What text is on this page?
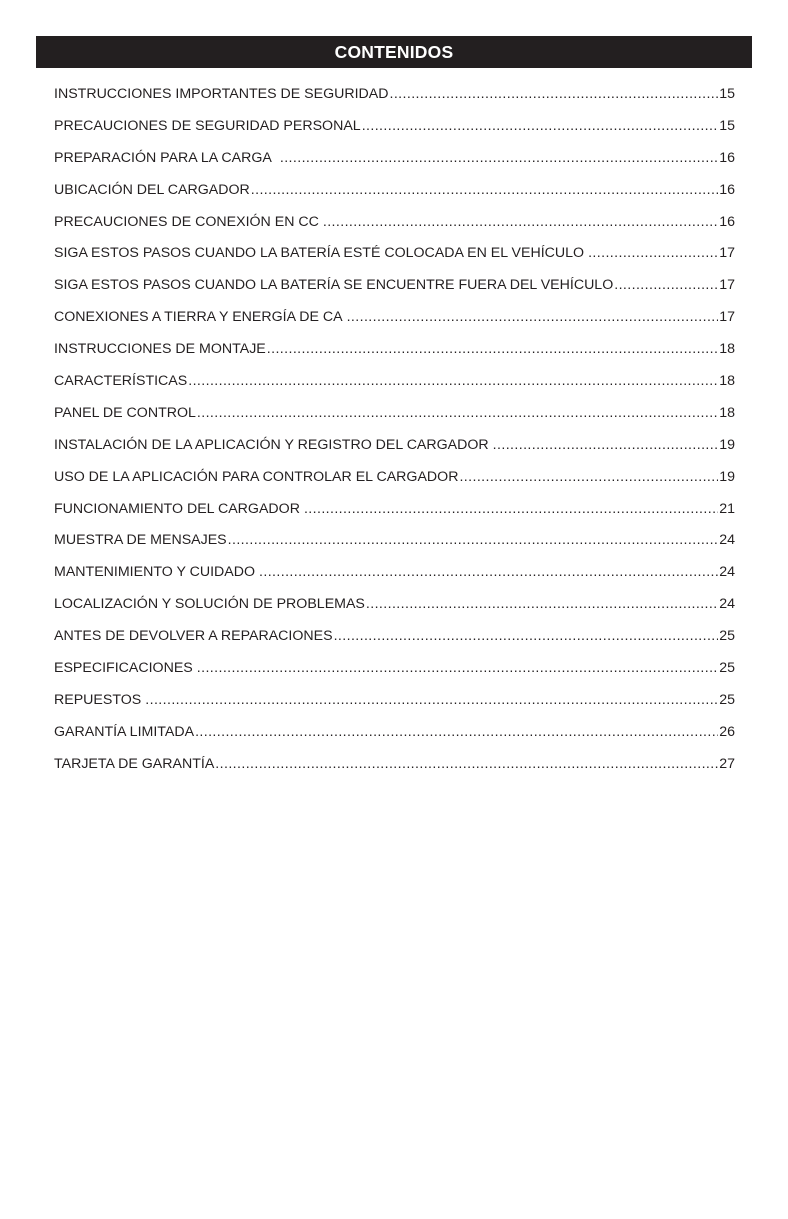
CONTENIDOS
INSTRUCCIONES IMPORTANTES DE SEGURIDAD .....	15
PRECAUCIONES DE SEGURIDAD PERSONAL .....	15
PREPARACIÓN PARA LA CARGA .....	16
UBICACIÓN DEL CARGADOR .....	16
PRECAUCIONES DE CONEXIÓN EN CC .....	16
SIGA ESTOS PASOS CUANDO LA BATERÍA ESTÉ COLOCADA EN EL VEHÍCULO .....	17
SIGA ESTOS PASOS CUANDO LA BATERÍA SE ENCUENTRE FUERA DEL VEHÍCULO .....	17
CONEXIONES A TIERRA Y ENERGÍA DE CA .....	17
INSTRUCCIONES DE MONTAJE .....	18
CARACTERÍSTICAS .....	18
PANEL DE CONTROL .....	18
INSTALACIÓN DE LA APLICACIÓN Y REGISTRO DEL CARGADOR .....	19
USO DE LA APLICACIÓN PARA CONTROLAR EL CARGADOR .....	19
FUNCIONAMIENTO DEL CARGADOR .....	21
MUESTRA DE MENSAJES .....	24
MANTENIMIENTO Y CUIDADO .....	24
LOCALIZACIÓN Y SOLUCIÓN DE PROBLEMAS .....	24
ANTES DE DEVOLVER A REPARACIONES .....	25
ESPECIFICACIONES .....	25
REPUESTOS .....	25
GARANTÍA LIMITADA .....	26
TARJETA DE GARANTÍA .....	27
